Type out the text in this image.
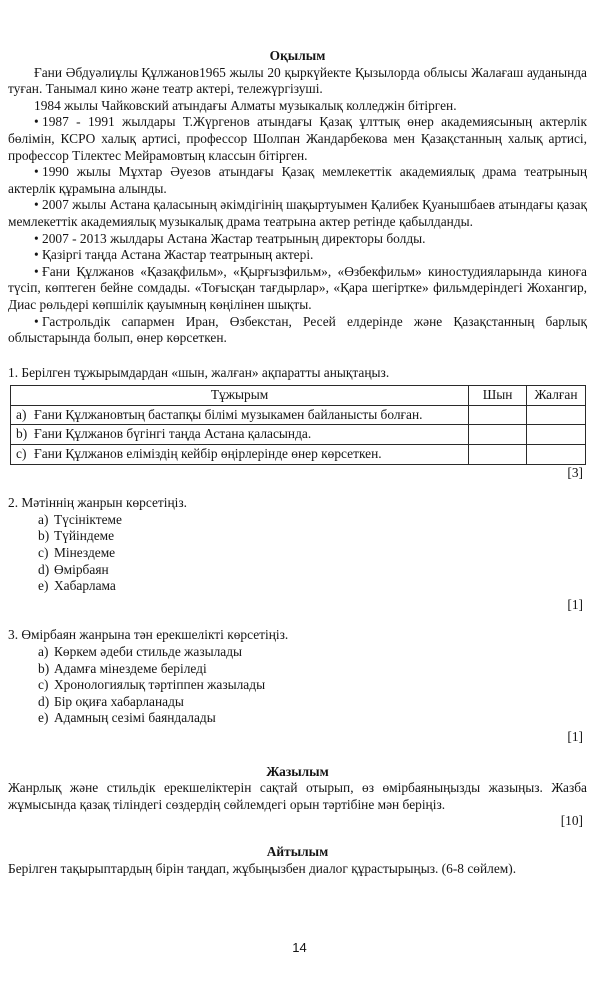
Оқылым

Ғани Әбдуәлиұлы Құлжанов1965 жылы 20 қыркүйекте Қызылорда облысы Жалағаш ауданында туған. Танымал кино және театр актері, тележүргізуші.

1984 жылы Чайковский атындағы Алматы музыкалық колледжін бітірген.

• 1987 - 1991 жылдары Т.Жүргенов атындағы Қазақ ұлттық өнер академиясының актерлік бөлімін, КСРО халық артисі, профессор Шолпан Жандарбекова мен Қазақстанның халық артисі, профессор Тілектес Мейрамовтың классын бітірген.

• 1990 жылы Мұхтар Әуезов атындағы Қазақ мемлекеттік академиялық драма театрының актерлік құрамына алынды.

• 2007 жылы Астана қаласының әкімдігінің шақыртуымен Қалибек Қуанышбаев атындағы қазақ мемлекеттік академиялық музыкалық драма театрына актер ретінде қабылданды.

• 2007 - 2013 жылдары Астана Жастар театрының директоры болды.

• Қазіргі таңда Астана Жастар театрының актері.

• Ғани Құлжанов «Қазақфильм», «Қырғызфильм», «Өзбекфильм» киностудияларында киноға түсіп, көптеген бейне сомдады. «Тоғысқан тағдырлар», «Қара шегіртке» фильмдеріндегі Жохангир, Диас рөльдері көпшілік қауымның көңілінен шықты.

• Гастрольдік сапармен Иран, Өзбекстан, Ресей елдерінде және Қазақстанның барлық облыстарында болып, өнер көрсеткен.

1. Берілген тұжырымдардан «шын, жалған» ақпаратты анықтаңыз.

Тұжырым	Шын	Жалған

a) Ғани Құлжановтың бастапқы білімі музыкамен байланысты болған.		

b) Ғани Құлжанов бүгінгі таңда Астана қаласында.		

c) Ғани Құлжанов еліміздің кейбір өңірлерінде өнер көрсеткен.		

[3]

2. Мәтіннің жанрын көрсетіңіз.

a) Түсініктеме
b) Түйіндеме
c) Мінездеме
d) Өмірбаян
e) Хабарлама

[1]

3. Өмірбаян жанрына тән ерекшелікті көрсетіңіз.

a) Көркем әдеби стильде жазылады
b) Адамға мінездеме беріледі
c) Хронологиялық тәртіппен жазылады
d) Бір оқиға хабарланады
e) Адамның сезімі баяндалады

[1]

Жазылым

Жанрлық және стильдік ерекшеліктерін сақтай отырып, өз өмірбаяныңызды жазыңыз. Жазба жұмысында қазақ тіліндегі сөздердің сөйлемдегі орын тәртібіне мән беріңіз.

[10]

Айтылым

Берілген тақырыптардың бірін таңдап, жұбыңызбен диалог құрастырыңыз. (6-8 сөйлем).

14
